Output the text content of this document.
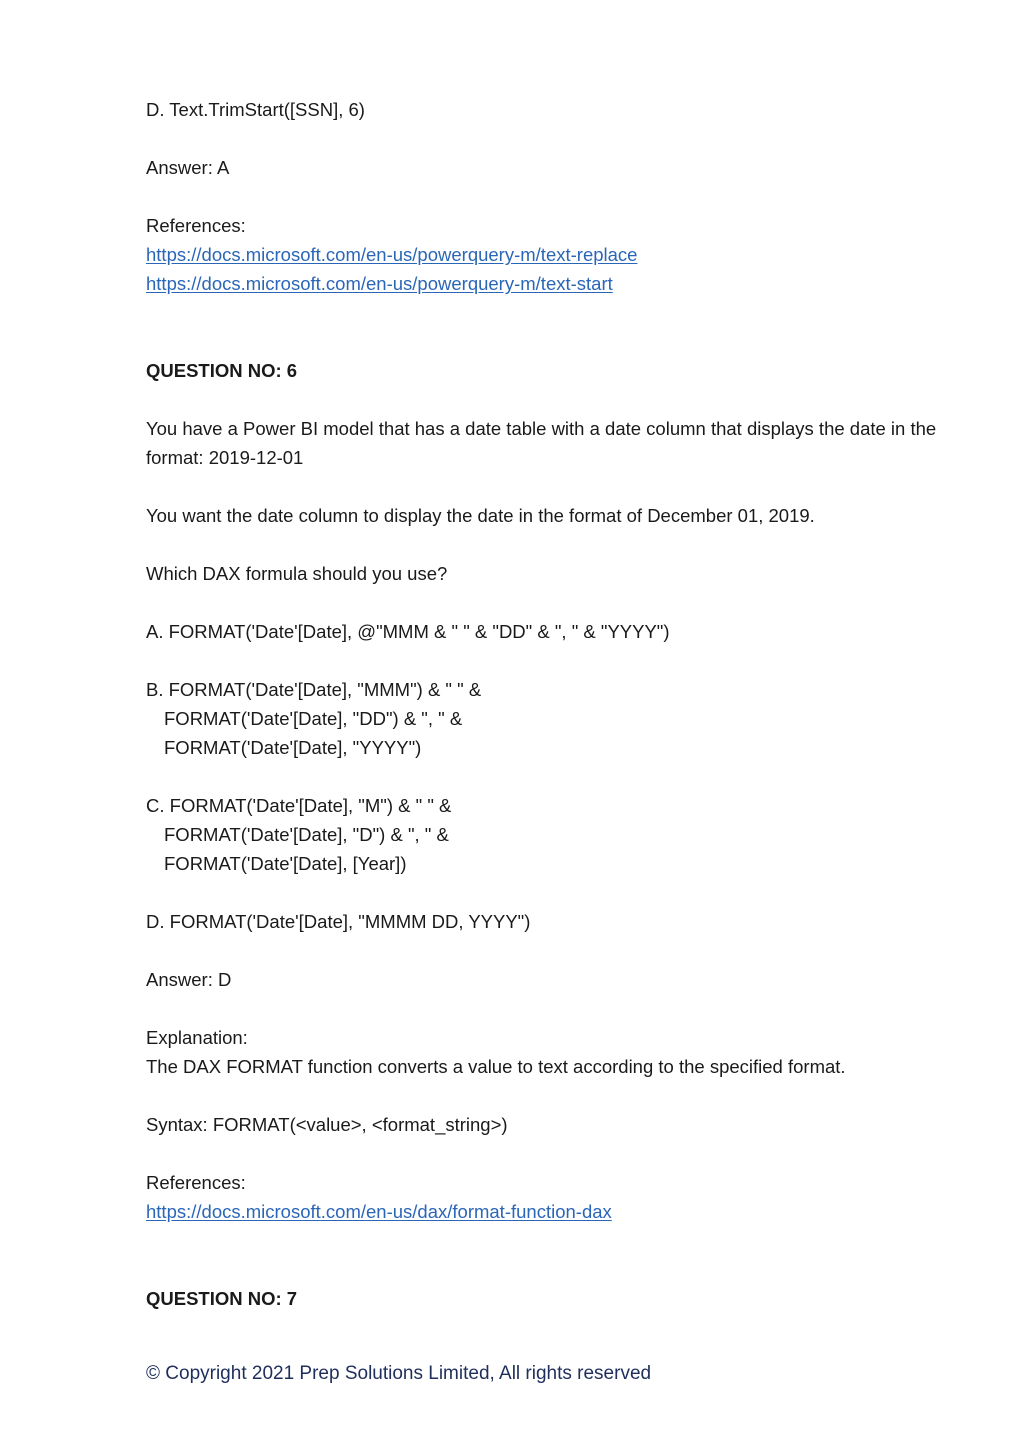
D. Text.TrimStart([SSN], 6)
Answer: A
References:
https://docs.microsoft.com/en-us/powerquery-m/text-replace
https://docs.microsoft.com/en-us/powerquery-m/text-start
QUESTION NO: 6
You have a Power BI model that has a date table with a date column that displays the date in the
format: 2019-12-01
You want the date column to display the date in the format of December 01, 2019.
Which DAX formula should you use?
A. FORMAT('Date'[Date], @"MMM & " " & "DD" & ", " & "YYYY")
B. FORMAT('Date'[Date], "MMM") & " " &
FORMAT('Date'[Date], "DD") & ", " &
FORMAT('Date'[Date], "YYYY")
C. FORMAT('Date'[Date], "M") & " " &
FORMAT('Date'[Date], "D") & ", " &
FORMAT('Date'[Date], [Year])
D. FORMAT('Date'[Date], "MMMM DD, YYYY")
Answer: D
Explanation:
The DAX FORMAT function converts a value to text according to the specified format.
Syntax: FORMAT(<value>, <format_string>)
References:
https://docs.microsoft.com/en-us/dax/format-function-dax
QUESTION NO: 7
© Copyright 2021 Prep Solutions Limited, All rights reserved
